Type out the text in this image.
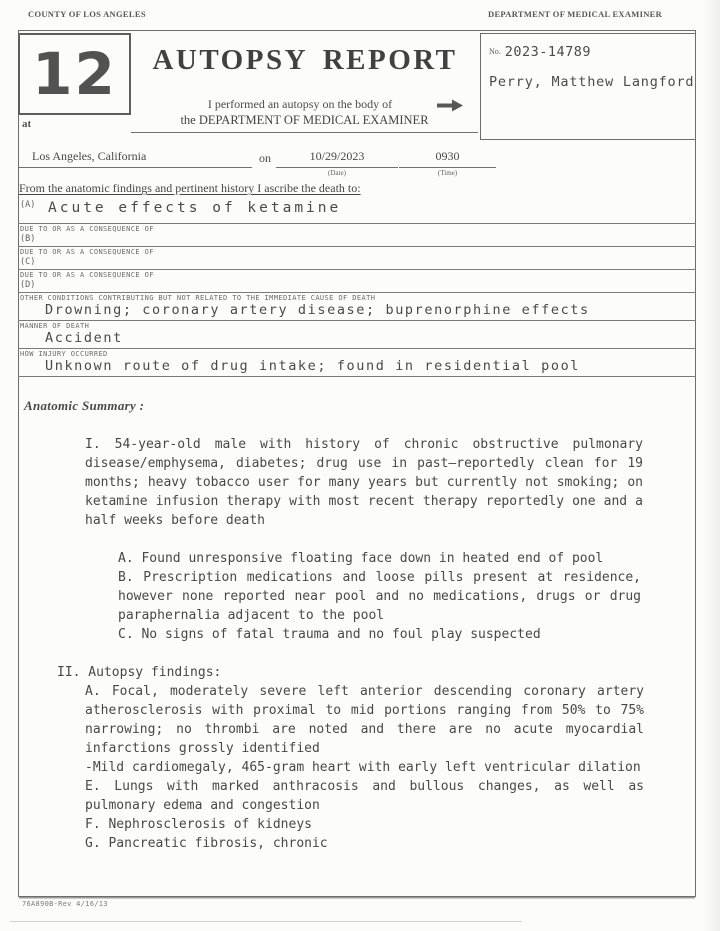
COUNTY OF LOS ANGELES	DEPARTMENT OF MEDICAL EXAMINER
12
at
AUTOPSY REPORT
I performed an autopsy on the body of
the DEPARTMENT OF MEDICAL EXAMINER
No. 2023-14789
Perry, Matthew Langford
Los Angeles, California	on	10/29/2023	0930
(Date)	(Time)
From the anatomic findings and pertinent history I ascribe the death to:
(A) Acute effects of ketamine
DUE TO OR AS A CONSEQUENCE OF
(B)
DUE TO OR AS A CONSEQUENCE OF
(C)
DUE TO OR AS A CONSEQUENCE OF
(D)
OTHER CONDITIONS CONTRIBUTING BUT NOT RELATED TO THE IMMEDIATE CAUSE OF DEATH
Drowning; coronary artery disease; buprenorphine effects
MANNER OF DEATH
Accident
HOW INJURY OCCURRED
Unknown route of drug intake; found in residential pool
Anatomic Summary :

I. 54-year-old male with history of chronic obstructive pulmonary disease/emphysema, diabetes; drug use in past—reportedly clean for 19 months; heavy tobacco user for many years but currently not smoking; on ketamine infusion therapy with most recent therapy reportedly one and a half weeks before death

A. Found unresponsive floating face down in heated end of pool

B. Prescription medications and loose pills present at residence, however none reported near pool and no medications, drugs or drug paraphernalia adjacent to the pool

C. No signs of fatal trauma and no foul play suspected

II. Autopsy findings:

A. Focal, moderately severe left anterior descending coronary artery atherosclerosis with proximal to mid portions ranging from 50% to 75% narrowing; no thrombi are noted and there are no acute myocardial infarctions grossly identified

-Mild cardiomegaly, 465-gram heart with early left ventricular dilation

E. Lungs with marked anthracosis and bullous changes, as well as pulmonary edema and congestion

F. Nephrosclerosis of kidneys

G. Pancreatic fibrosis, chronic

76A890B-Rev 4/16/13
